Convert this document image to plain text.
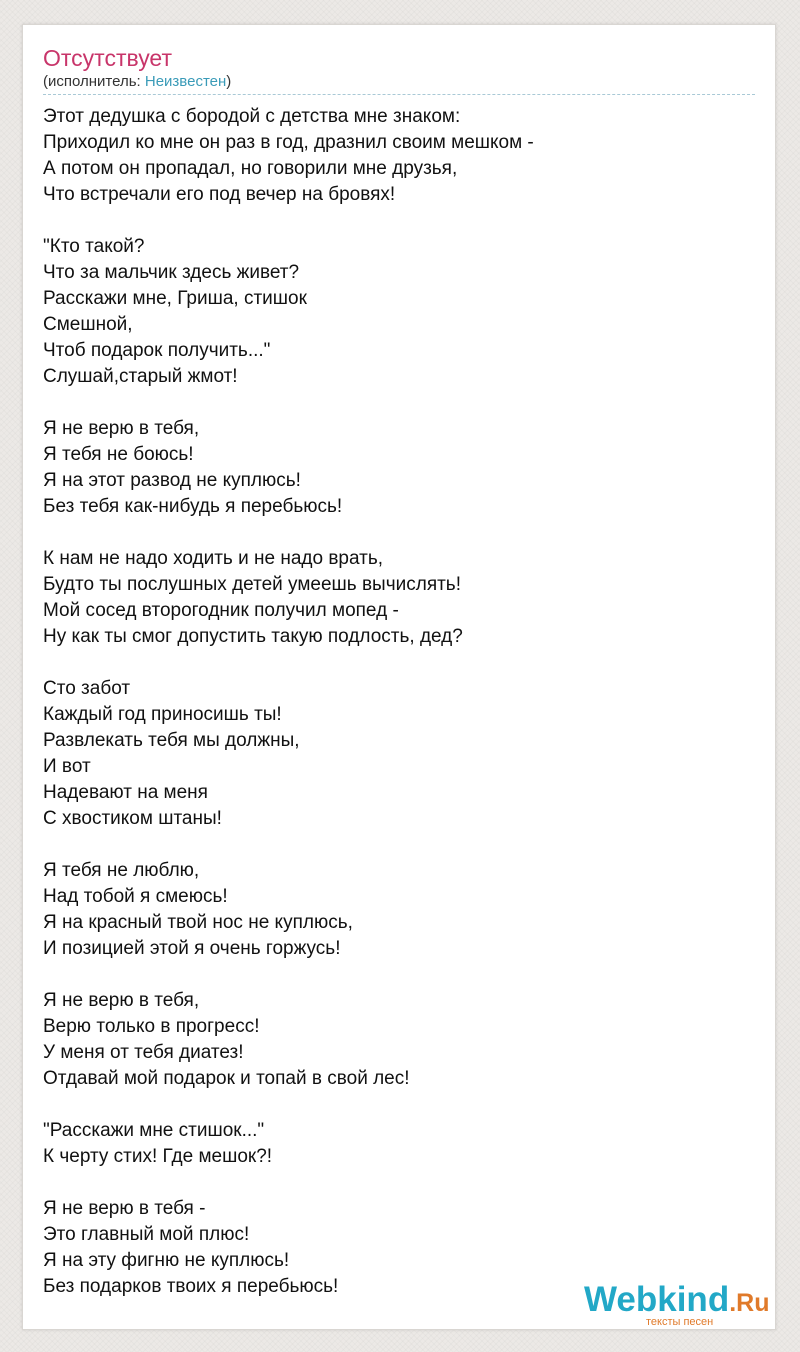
Отсутствует
(исполнитель: Неизвестен)
Этот дедушка с бородой с детства мне знаком:
Приходил ко мне он раз в год, дразнил своим мешком -
А потом он пропадал, но говорили мне друзья,
Что встречали его под вечер на бровях!
"Кто такой?
Что за мальчик здесь живет?
Расскажи мне, Гриша, стишок
Смешной,
Чтоб подарок получить..."
Слушай,старый жмот!
Я не верю в тебя,
Я тебя не боюсь!
Я на этот развод не куплюсь!
Без тебя как-нибудь я перебьюсь!
К нам не надо ходить и не надо врать,
Будто ты послушных детей умеешь вычислять!
Мой сосед второгодник получил мопед -
Ну как ты смог допустить такую подлость, дед?
Сто забот
Каждый год приносишь ты!
Развлекать тебя мы должны,
И вот
Надевают на меня
С хвостиком штаны!
Я тебя не люблю,
Над тобой я смеюсь!
Я на красный твой нос не куплюсь,
И позицией этой я очень горжусь!
Я не верю в тебя,
Верю только в прогресс!
У меня от тебя диатез!
Отдавай мой подарок и топай в свой лес!
"Расскажи мне стишок..."
К черту стих! Где мешок?!
Я не верю в тебя -
Это главный мой плюс!
Я на эту фигню не куплюсь!
Без подарков твоих я перебьюсь!	Webkind.Ru
тексты песен
